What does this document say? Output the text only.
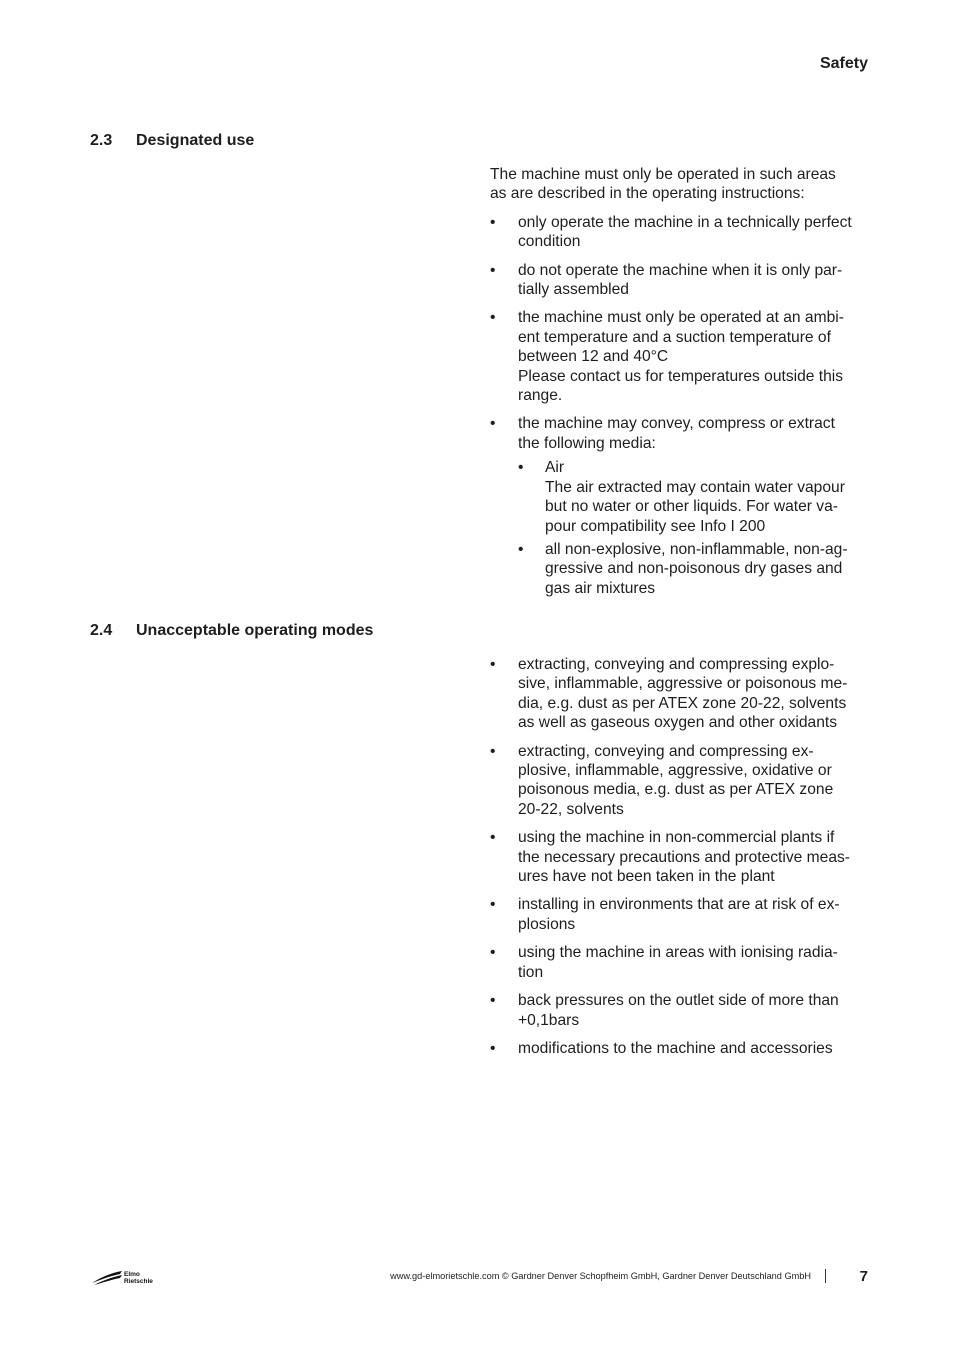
Safety
2.3 Designated use

The machine must only be operated in such areas
as are described in the operating instructions:

• only operate the machine in a technically perfect
condition
• do not operate the machine when it is only par-
tially assembled
• the machine must only be operated at an ambi-
ent temperature and a suction temperature of
between 12 and 40°C
Please contact us for temperatures outside this
range.
• the machine may convey, compress or extract
the following media:
• Air
The air extracted may contain water vapour
but no water or other liquids. For water va-
pour compatibility see Info I 200
• all non-explosive, non-inflammable, non-ag-
gressive and non-poisonous dry gases and
gas air mixtures
2.4 Unacceptable operating modes
• extracting, conveying and compressing explo-
sive, inflammable, aggressive or poisonous me-
dia, e.g. dust as per ATEX zone 20-22, solvents
as well as gaseous oxygen and other oxidants
• extracting, conveying and compressing ex-
plosive, inflammable, aggressive, oxidative or
poisonous media, e.g. dust as per ATEX zone
20-22, solvents
• using the machine in non-commercial plants if
the necessary precautions and protective meas-
ures have not been taken in the plant
• installing in environments that are at risk of ex-
plosions
• using the machine in areas with ionising radia-
tion
• back pressures on the outlet side of more than
+0,1bars
• modifications to the machine and accessories
Elmo
Rietschle
www.gd-elmorietschle.com © Gardner Denver Schopfheim GmbH, Gardner Denver Deutschland GmbH	7
